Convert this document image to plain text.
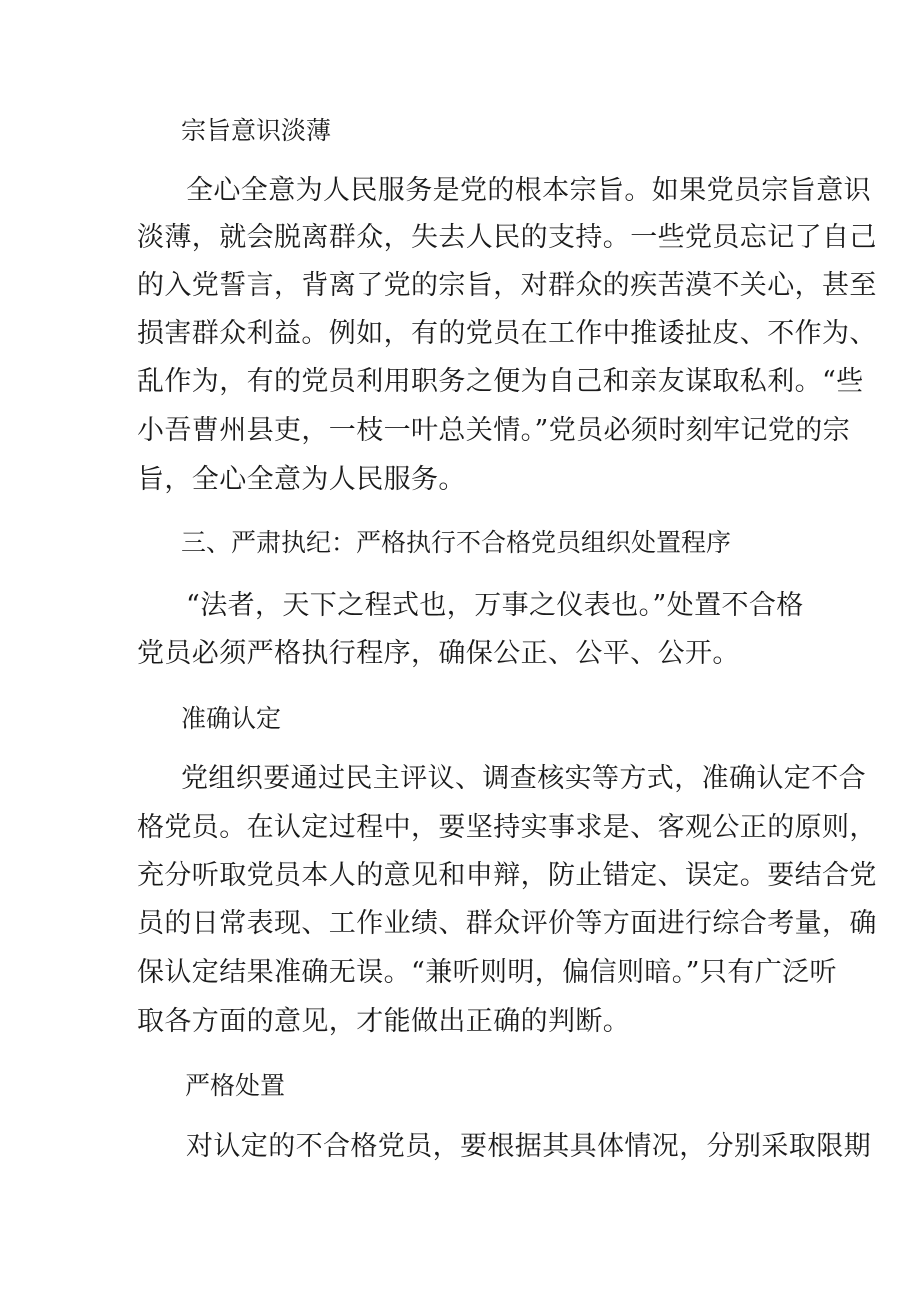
宗旨意识淡薄
全心全意为人民服务是党的根本宗旨。如果党员宗旨意识
淡薄，就会脱离群众，失去人民的支持。一些党员忘记了自己
的入党誓言，背离了党的宗旨，对群众的疾苦漠不关心，甚至
损害群众利益。例如，有的党员在工作中推诿扯皮、不作为、
乱作为，有的党员利用职务之便为自己和亲友谋取私利。“些
小吾曹州县吏，一枝一叶总关情。”党员必须时刻牢记党的宗
旨，全心全意为人民服务。
三、严肃执纪：严格执行不合格党员组织处置程序
“法者，天下之程式也，万事之仪表也。”处置不合格
党员必须严格执行程序，确保公正、公平、公开。
准确认定
党组织要通过民主评议、调查核实等方式，准确认定不合
格党员。在认定过程中，要坚持实事求是、客观公正的原则，
充分听取党员本人的意见和申辩，防止错定、误定。要结合党
员的日常表现、工作业绩、群众评价等方面进行综合考量，确
保认定结果准确无误。“兼听则明，偏信则暗。”只有广泛听
取各方面的意见，才能做出正确的判断。
严格处置
对认定的不合格党员，要根据其具体情况，分别采取限期
